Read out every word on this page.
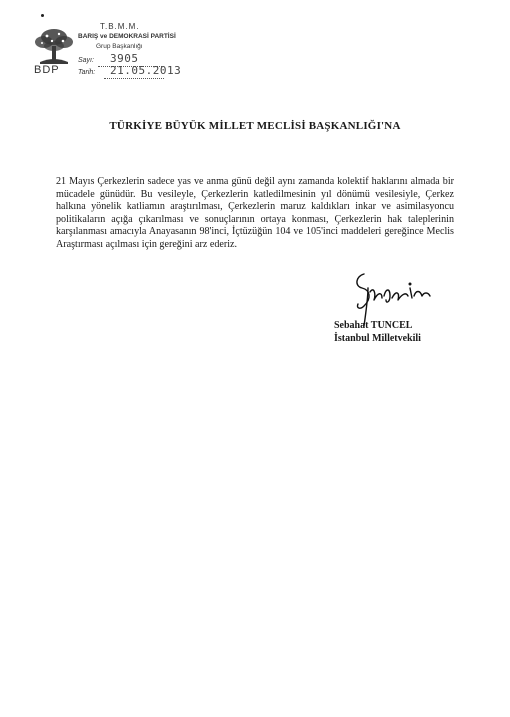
BDP
T.B.M.M.
BARIŞ ve DEMOKRASİ PARTİSİ
Grup Başkanlığı
Sayı: 3905
Tarih: 21.05.2013
TÜRKİYE BÜYÜK MİLLET MECLİSİ BAŞKANLIĞI'NA

21 Mayıs Çerkezlerin sadece yas ve anma günü değil aynı zamanda kolektif haklarını almada bir mücadele günüdür. Bu vesileyle, Çerkezlerin katledilmesinin yıl dönümü vesilesiyle, Çerkez halkına yönelik katliamın araştırılması, Çerkezlerin maruz kaldıkları inkar ve asimilasyoncu politikaların açığa çıkarılması ve sonuçlarının ortaya konması, Çerkezlerin hak taleplerinin karşılanması amacıyla Anayasanın 98'inci, İçtüzüğün 104 ve 105'inci maddeleri gereğince Meclis Araştırması açılması için gereğini arz ederiz.

Sebahat TUNCEL
İstanbul Milletvekili
